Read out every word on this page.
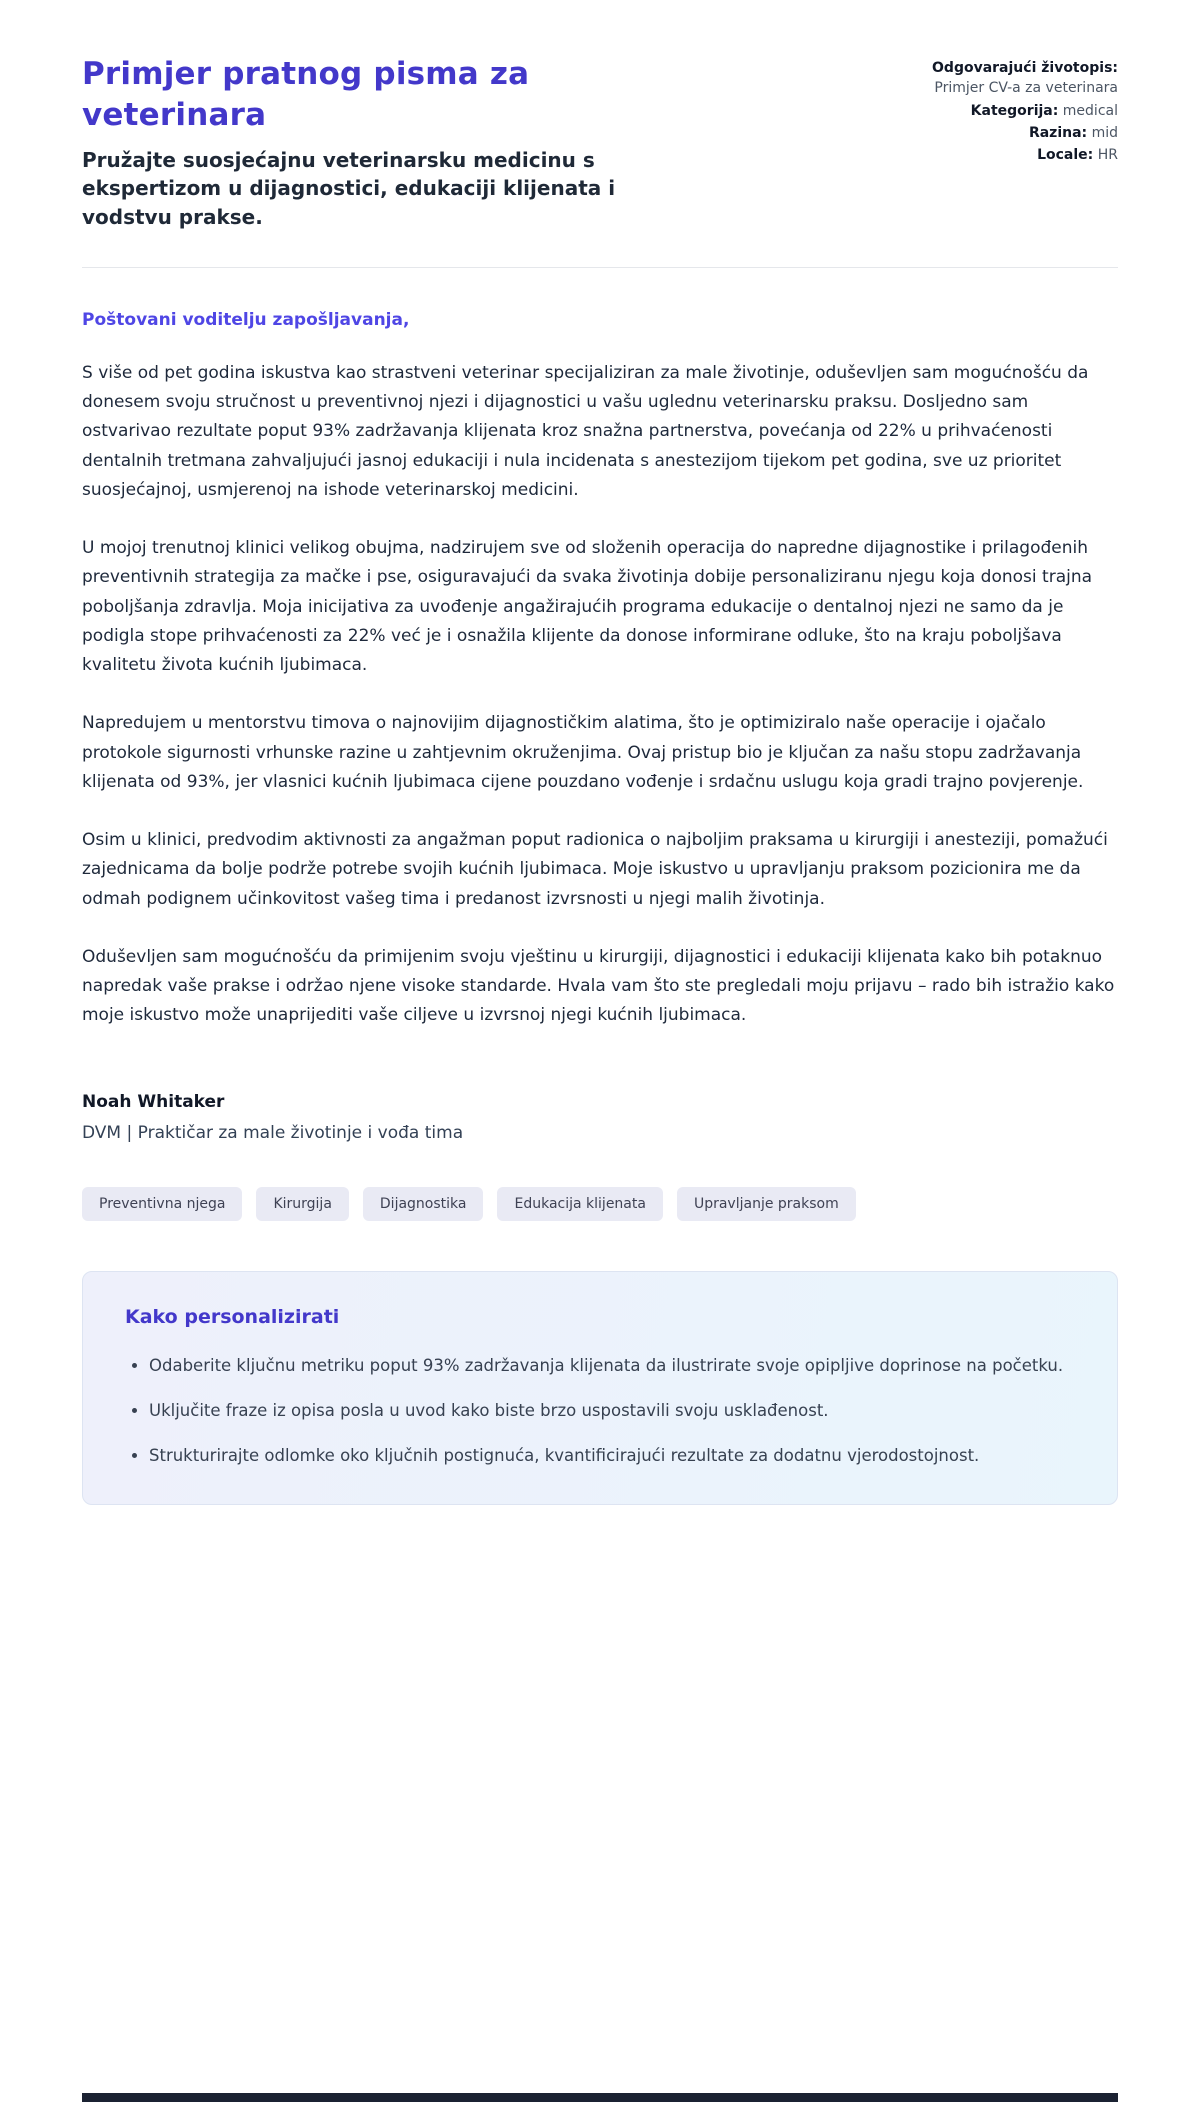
Primjer pratnog pisma za veterinara
Pružajte suosjećajnu veterinarsku medicinu s ekspertizom u dijagnostici, edukaciji klijenata i vodstvu prakse.
Odgovarajući životopis: Primjer CV-a za veterinara
Kategorija: medical
Razina: mid
Locale: HR

Poštovani voditelju zapošljavanja,

S više od pet godina iskustva kao strastveni veterinar specijaliziran za male životinje, oduševljen sam mogućnošću da donesem svoju stručnost u preventivnoj njezi i dijagnostici u vašu uglednu veterinarsku praksu. Dosljedno sam ostvarivao rezultate poput 93% zadržavanja klijenata kroz snažna partnerstva, povećanja od 22% u prihvaćenosti dentalnih tretmana zahvaljujući jasnoj edukaciji i nula incidenata s anestezijom tijekom pet godina, sve uz prioritet suosjećajnoj, usmjerenoj na ishode veterinarskoj medicini.

U mojoj trenutnoj klinici velikog obujma, nadzirujem sve od složenih operacija do napredne dijagnostike i prilagođenih preventivnih strategija za mačke i pse, osiguravajući da svaka životinja dobije personaliziranu njegu koja donosi trajna poboljšanja zdravlja. Moja inicijativa za uvođenje angažirajućih programa edukacije o dentalnoj njezi ne samo da je podigla stope prihvaćenosti za 22% već je i osnažila klijente da donose informirane odluke, što na kraju poboljšava kvalitetu života kućnih ljubimaca.

Napredujem u mentorstvu timova o najnovijim dijagnostičkim alatima, što je optimiziralo naše operacije i ojačalo protokole sigurnosti vrhunske razine u zahtjevnim okruženjima. Ovaj pristup bio je ključan za našu stopu zadržavanja klijenata od 93%, jer vlasnici kućnih ljubimaca cijene pouzdano vođenje i srdačnu uslugu koja gradi trajno povjerenje.

Osim u klinici, predvodim aktivnosti za angažman poput radionica o najboljim praksama u kirurgiji i anesteziji, pomažući zajednicama da bolje podrže potrebe svojih kućnih ljubimaca. Moje iskustvo u upravljanju praksom pozicionira me da odmah podignem učinkovitost vašeg tima i predanost izvrsnosti u njegi malih životinja.

Oduševljen sam mogućnošću da primijenim svoju vještinu u kirurgiji, dijagnostici i edukaciji klijenata kako bih potaknuo napredak vaše prakse i održao njene visoke standarde. Hvala vam što ste pregledali moju prijavu – rado bih istražio kako moje iskustvo može unaprijediti vaše ciljeve u izvrsnoj njegi kućnih ljubimaca.

Noah Whitaker

DVM | Praktičar za male životinje i vođa tima

Preventivna njega	Kirurgija	Dijagnostika	Edukacija klijenata	Upravljanje praksom
Kako personalizirati
• Odaberite ključnu metriku poput 93% zadržavanja klijenata da ilustrirate svoje opipljive doprinose na početku.
• Uključite fraze iz opisa posla u uvod kako biste brzo uspostavili svoju usklađenost.
• Strukturirajte odlomke oko ključnih postignuća, kvantificirajući rezultate za dodatnu vjerodostojnost.
